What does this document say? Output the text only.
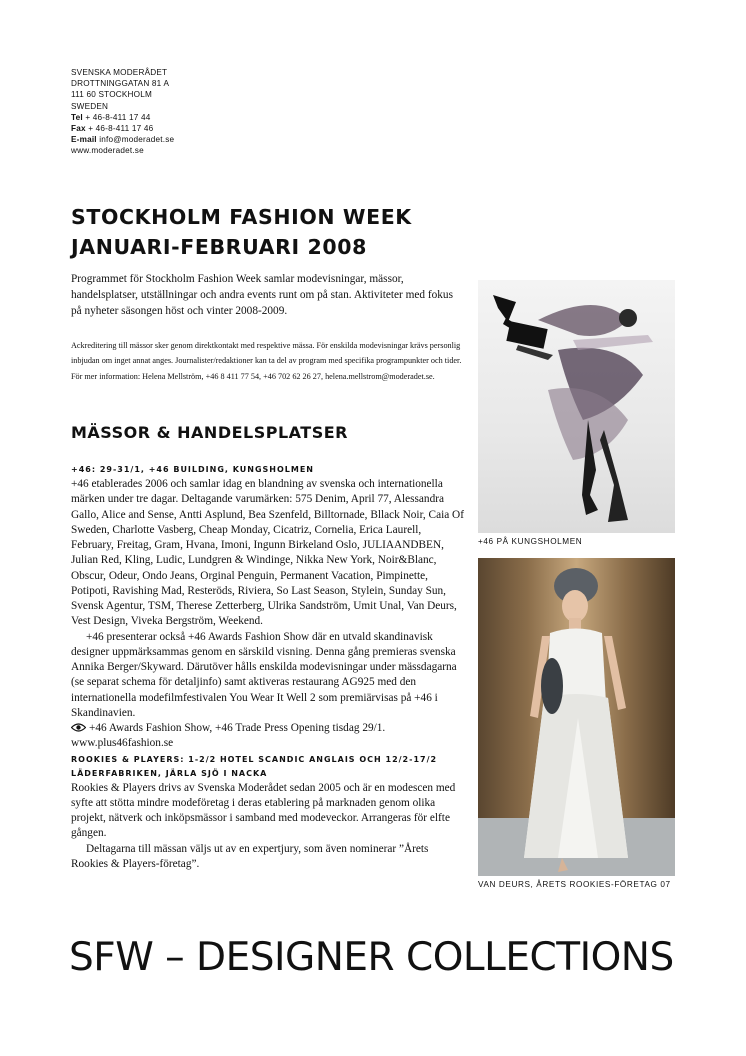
SVENSKA MODERÅDET
DROTTNINGGATAN 81 A
111 60 STOCKHOLM
SWEDEN
Tel + 46-8-411 17 44
Fax + 46-8-411 17 46
E-mail info@moderadet.se
www.moderadet.se
STOCKHOLM FASHION WEEK
JANUARI-FEBRUARI 2008

Programmet för Stockholm Fashion Week samlar modevisningar, mässor, handelsplatser, utställningar och andra events runt om på stan. Aktiviteter med fokus på nyheter säsongen höst och vinter 2008-2009.

Ackreditering till mässor sker genom direktkontakt med respektive mässa. För enskilda modevisningar krävs personlig inbjudan om inget annat anges. Journalister/redaktioner kan ta del av program med specifika programpunkter och tider. För mer information: Helena Mellström, +46 8 411 77 54, +46 702 62 26 27, helena.mellstrom@moderadet.se.

MÄSSOR & HANDELSPLATSER

+46: 29-31/1, +46 BUILDING, KUNGSHOLMEN

+46 etablerades 2006 och samlar idag en blandning av svenska och internationella märken under tre dagar. Deltagande varumärken: 575 Denim, April 77, Alessandra Gallo, Alice and Sense, Antti Asplund, Bea Szenfeld, Billtornade, Bllack Noir, Caia Of Sweden, Charlotte Vasberg, Cheap Monday, Cicatriz, Cornelia, Erica Laurell, February, Freitag, Gram, Hvana, Imoni, Ingunn Birkeland Oslo, JULIAANDBEN, Julian Red, Kling, Ludic, Lundgren & Windinge, Nikka New York, Noir&Blanc, Obscur, Odeur, Ondo Jeans, Orginal Penguin, Permanent Vacation, Pimpinette, Potipoti, Ravishing Mad, Resteröds, Riviera, So Last Season, Stylein, Sunday Sun, Svensk Agentur, TSM, Therese Zetterberg, Ulrika Sandström, Umit Unal, Van Deurs, Vest Design, Viveka Bergström, Weekend.

+46 presenterar också +46 Awards Fashion Show där en utvald skandinavisk designer uppmärksammas genom en särskild visning. Denna gång premieras svenska Annika Berger/Skyward. Därutöver hålls enskilda modevisningar under mässdagarna (se separat schema för detaljinfo) samt aktiveras restaurang AG925 med den internationella modefilmfestivalen You Wear It Well 2 som premiärvisas på +46 i Skandinavien.

+46 Awards Fashion Show, +46 Trade Press Opening tisdag 29/1.

www.plus46fashion.se

ROOKIES & PLAYERS: 1-2/2 HOTEL SCANDIC ANGLAIS OCH 12/2-17/2

LÄDERFABRIKEN, JÄRLA SJÖ I NACKA

Rookies & Players drivs av Svenska Moderådet sedan 2005 och är en modescen med syfte att stötta mindre modeföretag i deras etablering på marknaden genom olika projekt, nätverk och inköpsmässor i samband med modeveckor. Arrangeras för elfte gången.

Deltagarna till mässan väljs ut av en expertjury, som även nominerar ”Årets Rookies & Players-företag”.

+46 PÅ KUNGSHOLMEN
VAN DEURS, ÅRETS ROOKIES-FÖRETAG 07
SFW – DESIGNER COLLECTIONS
